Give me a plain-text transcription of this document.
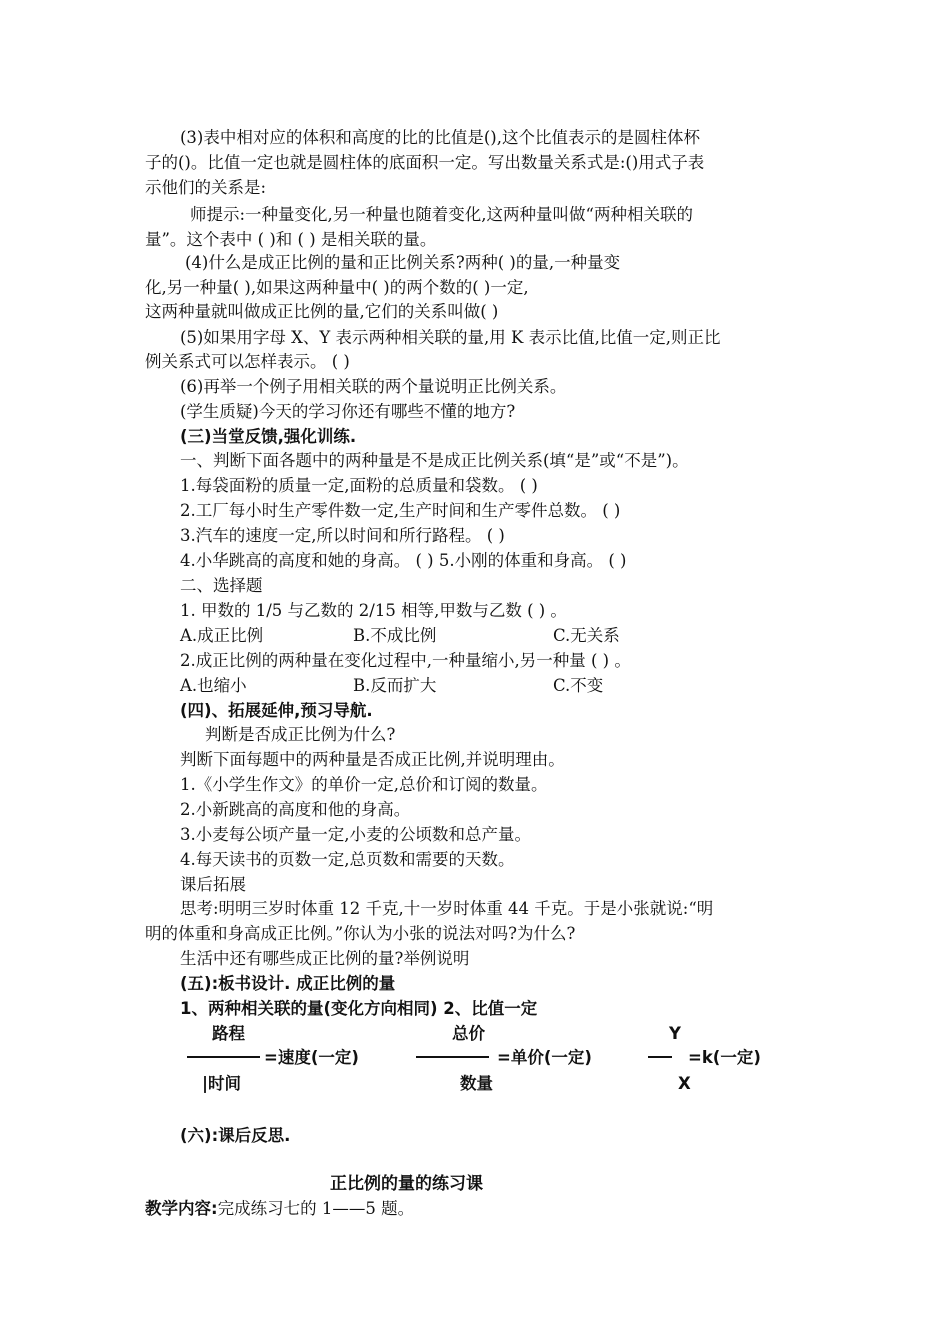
(3)表中相对应的体积和高度的比的比值是(),这个比值表示的是圆柱体杯
子的()。比值一定也就是圆柱体的底面积一定。写出数量关系式是:()用式子表
示他们的关系是:
师提示:一种量变化,另一种量也随着变化,这两种量叫做“两种相关联的
量”。这个表中 ( )和 ( ) 是相关联的量。
(4)什么是成正比例的量和正比例关系?两种( )的量,一种量变
化,另一种量( ),如果这两种量中( )的两个数的( )一定,
这两种量就叫做成正比例的量,它们的关系叫做( )
(5)如果用字母 X、Y 表示两种相关联的量,用 K 表示比值,比值一定,则正比
例关系式可以怎样表示。 ( )
(6)再举一个例子用相关联的两个量说明正比例关系。
(学生质疑)今天的学习你还有哪些不懂的地方?
(三)当堂反馈,强化训练.
一、判断下面各题中的两种量是不是成正比例关系(填“是”或“不是”)。
1.每袋面粉的质量一定,面粉的总质量和袋数。 ( )
2.工厂每小时生产零件数一定,生产时间和生产零件总数。 ( )
3.汽车的速度一定,所以时间和所行路程。 ( )
4.小华跳高的高度和她的身高。 ( ) 5.小刚的体重和身高。 ( )
二、选择题
1. 甲数的 1/5 与乙数的 2/15 相等,甲数与乙数 ( ) 。
A.成正比例	B.不成比例	C.无关系
2.成正比例的两种量在变化过程中,一种量缩小,另一种量 ( ) 。
A.也缩小	B.反而扩大	C.不变
(四)、拓展延伸,预习导航.
判断是否成正比例为什么?
判断下面每题中的两种量是否成正比例,并说明理由。
1.《小学生作文》的单价一定,总价和订阅的数量。
2.小新跳高的高度和他的身高。
3.小麦每公顷产量一定,小麦的公顷数和总产量。
4.每天读书的页数一定,总页数和需要的天数。
课后拓展
思考:明明三岁时体重 12 千克,十一岁时体重 44 千克。于是小张就说:“明
明的体重和身高成正比例。”你认为小张的说法对吗?为什么?
生活中还有哪些成正比例的量?举例说明
(五):板书设计. 成正比例的量
1、两种相关联的量(变化方向相同) 2、比值一定
路程
=速度(一定)
|时间
总价
=单价(一定)
数量
Y
=k(一定)
X
(六):课后反思.
正比例的量的练习课
教学内容:完成练习七的 1——5 题。
